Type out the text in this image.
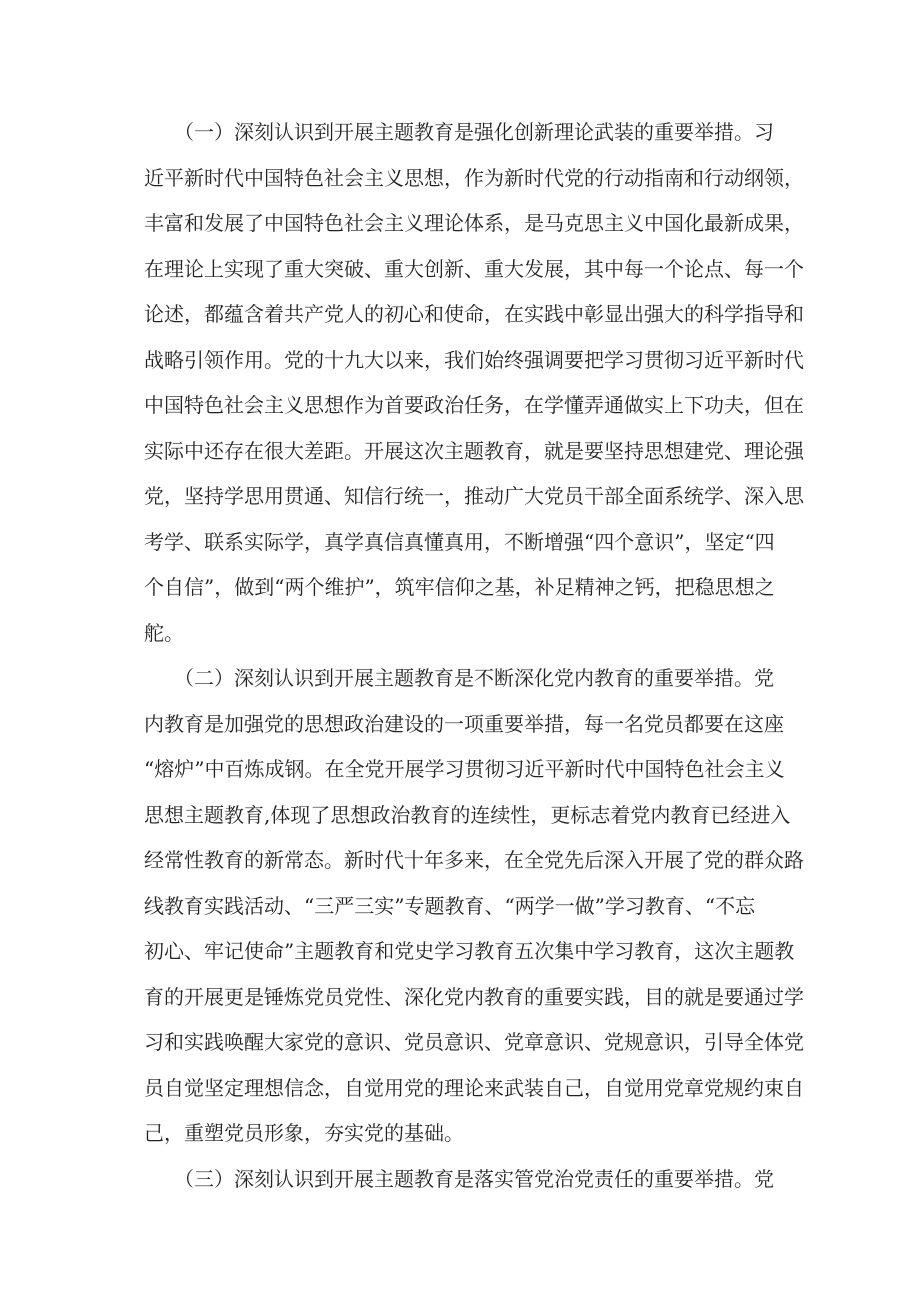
　　（一）深刻认识到开展主题教育是强化创新理论武装的重要举措。习
近平新时代中国特色社会主义思想，作为新时代党的行动指南和行动纲领，
丰富和发展了中国特色社会主义理论体系，是马克思主义中国化最新成果，
在理论上实现了重大突破、重大创新、重大发展，其中每一个论点、每一个
论述，都蕴含着共产党人的初心和使命，在实践中彰显出强大的科学指导和
战略引领作用。党的十九大以来，我们始终强调要把学习贯彻习近平新时代
中国特色社会主义思想作为首要政治任务，在学懂弄通做实上下功夫，但在
实际中还存在很大差距。开展这次主题教育，就是要坚持思想建党、理论强
党，坚持学思用贯通、知信行统一，推动广大党员干部全面系统学、深入思
考学、联系实际学，真学真信真懂真用，不断增强“四个意识”，坚定“四
个自信”，做到“两个维护”，筑牢信仰之基，补足精神之钙，把稳思想之
舵。
　　（二）深刻认识到开展主题教育是不断深化党内教育的重要举措。党
内教育是加强党的思想政治建设的一项重要举措，每一名党员都要在这座
“熔炉”中百炼成钢。在全党开展学习贯彻习近平新时代中国特色社会主义
思想主题教育,体现了思想政治教育的连续性，更标志着党内教育已经进入
经常性教育的新常态。新时代十年多来，在全党先后深入开展了党的群众路
线教育实践活动、“三严三实”专题教育、“两学一做”学习教育、“不忘
初心、牢记使命”主题教育和党史学习教育五次集中学习教育，这次主题教
育的开展更是锤炼党员党性、深化党内教育的重要实践，目的就是要通过学
习和实践唤醒大家党的意识、党员意识、党章意识、党规意识，引导全体党
员自觉坚定理想信念，自觉用党的理论来武装自己，自觉用党章党规约束自
己，重塑党员形象，夯实党的基础。
　　（三）深刻认识到开展主题教育是落实管党治党责任的重要举措。党
